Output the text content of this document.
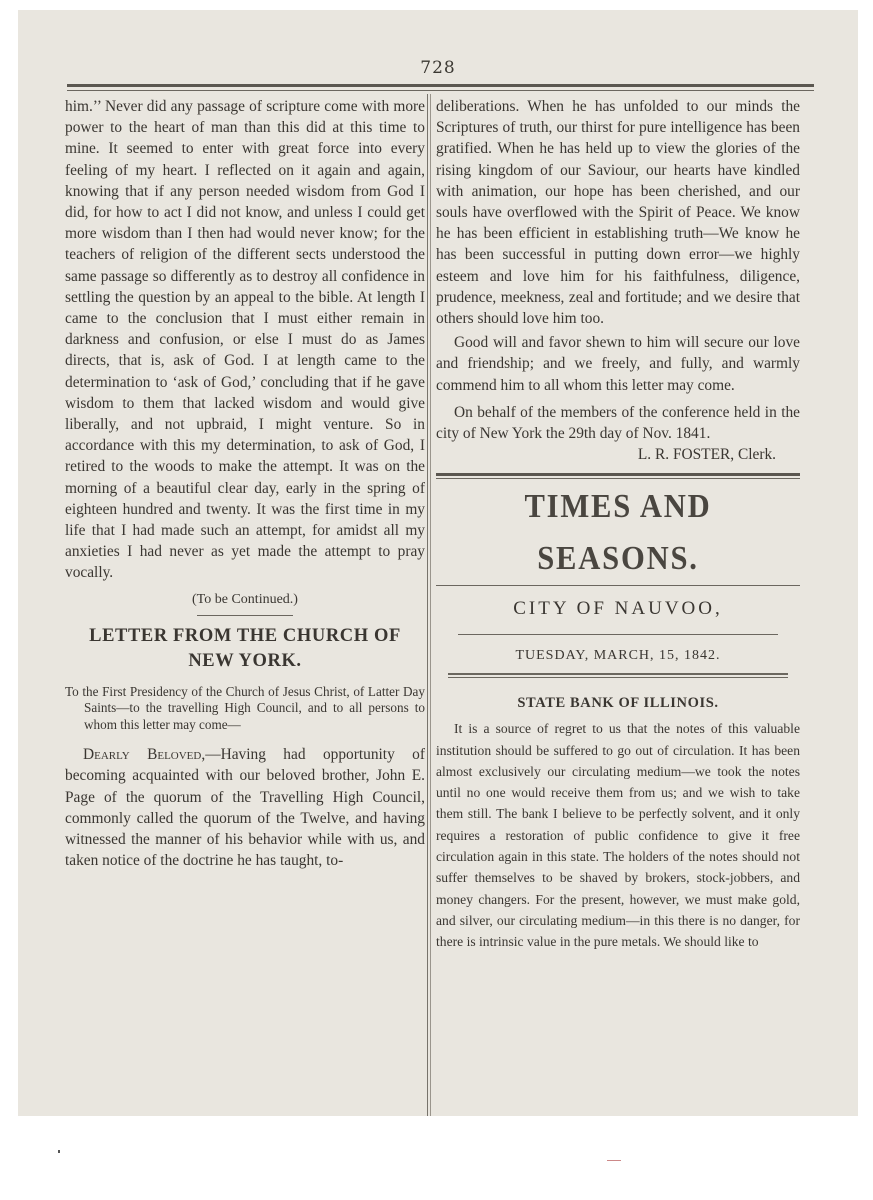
728

him.’’ Never did any passage of scripture come with more power to the heart of man than this did at this time to mine. It seemed to enter with great force into every feeling of my heart. I reflected on it again and again, knowing that if any person needed wisdom from God I did, for how to act I did not know, and unless I could get more wisdom than I then had would never know; for the teachers of religion of the different sects understood the same passage so differently as to destroy all confidence in settling the question by an appeal to the bible. At length I came to the conclusion that I must either remain in darkness and confusion, or else I must do as James directs, that is, ask of God. I at length came to the determination to ‘ask of God,’ concluding that if he gave wisdom to them that lacked wisdom and would give liberally, and not upbraid, I might venture. So in accordance with this my determination, to ask of God, I retired to the woods to make the attempt. It was on the morning of a beautiful clear day, early in the spring of eighteen hundred and twenty. It was the first time in my life that I had made such an attempt, for amidst all my anxieties I had never as yet made the attempt to pray vocally.

(To be Continued.)

LETTER FROM THE CHURCH OF NEW YORK.

To the First Presidency of the Church of Jesus Christ, of Latter Day Saints—to the travelling High Council, and to all persons to whom this letter may come—

Dearly Beloved,—Having had opportunity of becoming acquainted with our beloved brother, John E. Page of the quorum of the Travelling High Council, commonly called the quorum of the Twelve, and having witnessed the manner of his behavior while with us, and taken notice of the doctrine he has taught, to-

deliberations. When he has unfolded to our minds the Scriptures of truth, our thirst for pure intelligence has been gratified. When he has held up to view the glories of the rising kingdom of our Saviour, our hearts have kindled with animation, our hope has been cherished, and our souls have overflowed with the Spirit of Peace. We know he has been efficient in establishing truth—We know he has been successful in putting down error—we highly esteem and love him for his faithfulness, diligence, prudence, meekness, zeal and fortitude; and we desire that others should love him too.

Good will and favor shewn to him will secure our love and friendship; and we freely, and fully, and warmly commend him to all whom this letter may come.

On behalf of the members of the conference held in the city of New York the 29th day of Nov. 1841.

L. R. FOSTER, Clerk.

TIMES AND SEASONS.
CITY OF NAUVOO,
TUESDAY, MARCH, 15, 1842.
STATE BANK OF ILLINOIS.

It is a source of regret to us that the notes of this valuable institution should be suffered to go out of circulation. It has been almost exclusively our circulating medium—we took the notes until no one would receive them from us; and we wish to take them still. The bank I believe to be perfectly solvent, and it only requires a restoration of public confidence to give it free circulation again in this state. The holders of the notes should not suffer themselves to be shaved by brokers, stock-jobbers, and money changers. For the present, however, we must make gold, and silver, our circulating medium—in this there is no danger, for there is intrinsic value in the pure metals. We should like to
